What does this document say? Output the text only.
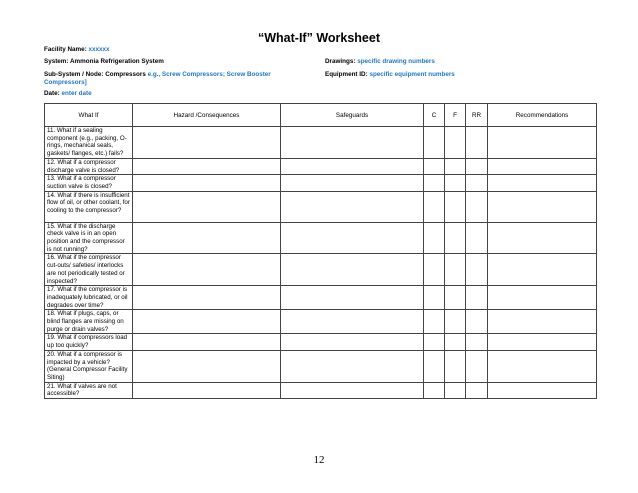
“What-If” Worksheet
Facility Name: xxxxxx
System: Ammonia Refrigeration System	Drawings: specific drawing numbers
Sub-System / Node: Compressors e.g., Screw Compressors; Screw Booster Compressors]
Equipment ID: specific equipment numbers
Date: enter date
What If	Hazard /Consequences	Safeguards	C	F	RR	Recommendations
11. What if a sealing component (e.g., packing, O-rings, mechanical seals, gaskets/ flanges, etc.) fails?						
12. What if a compressor discharge valve is closed?						
13. What if a compressor suction valve is closed?						
14. What if there is insufficient flow of oil, or other coolant, for cooling to the compressor?						
15. What if the discharge check valve is in an open position and the compressor is not running?						
16. What if the compressor cut-outs/ safeties/ interlocks are not periodically tested or inspected?						
17. What if the compressor is inadequately lubricated, or oil degrades over time?						
18. What if plugs, caps, or blind flanges are missing on purge or drain valves?						
19. What if compressors load up too quickly?						
20. What if a compressor is impacted by a vehicle? (General Compressor Facility Siting)						
21. What if valves are not accessible?						
12
